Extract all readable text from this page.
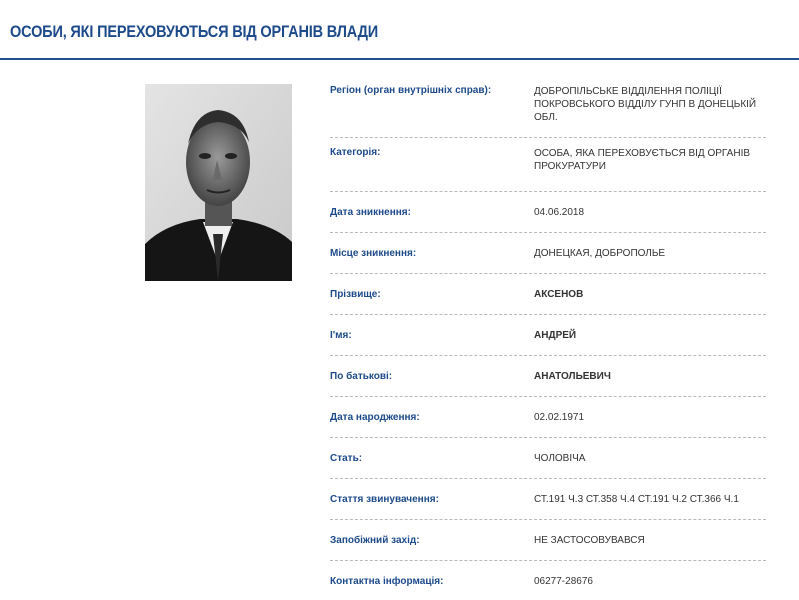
ОСОБИ, ЯКІ ПЕРЕХОВУЮТЬСЯ ВІД ОРГАНІВ ВЛАДИ
Регіон (орган внутрішніх справ):	ДОБРОПІЛЬСЬКЕ ВІДДІЛЕННЯ ПОЛІЦІЇ ПОКРОВСЬКОГО ВІДДІЛУ ГУНП В ДОНЕЦЬКІЙ ОБЛ.
Категорія:	ОСОБА, ЯКА ПЕРЕХОВУЄТЬСЯ ВІД ОРГАНІВ ПРОКУРАТУРИ
Дата зникнення:	04.06.2018
Місце зникнення:	ДОНЕЦКАЯ, ДОБРОПОЛЬЕ
Прізвище:	АКСЕНОВ
І'мя:	АНДРЕЙ
По батькові:	АНАТОЛЬЕВИЧ
Дата народження:	02.02.1971
Стать:	ЧОЛОВІЧА
Стаття звинувачення:	СТ.191 Ч.3 СТ.358 Ч.4 СТ.191 Ч.2 СТ.366 Ч.1
Запобіжний захід:	НЕ ЗАСТОСОВУВАВСЯ
Контактна інформація:	06277-28676
